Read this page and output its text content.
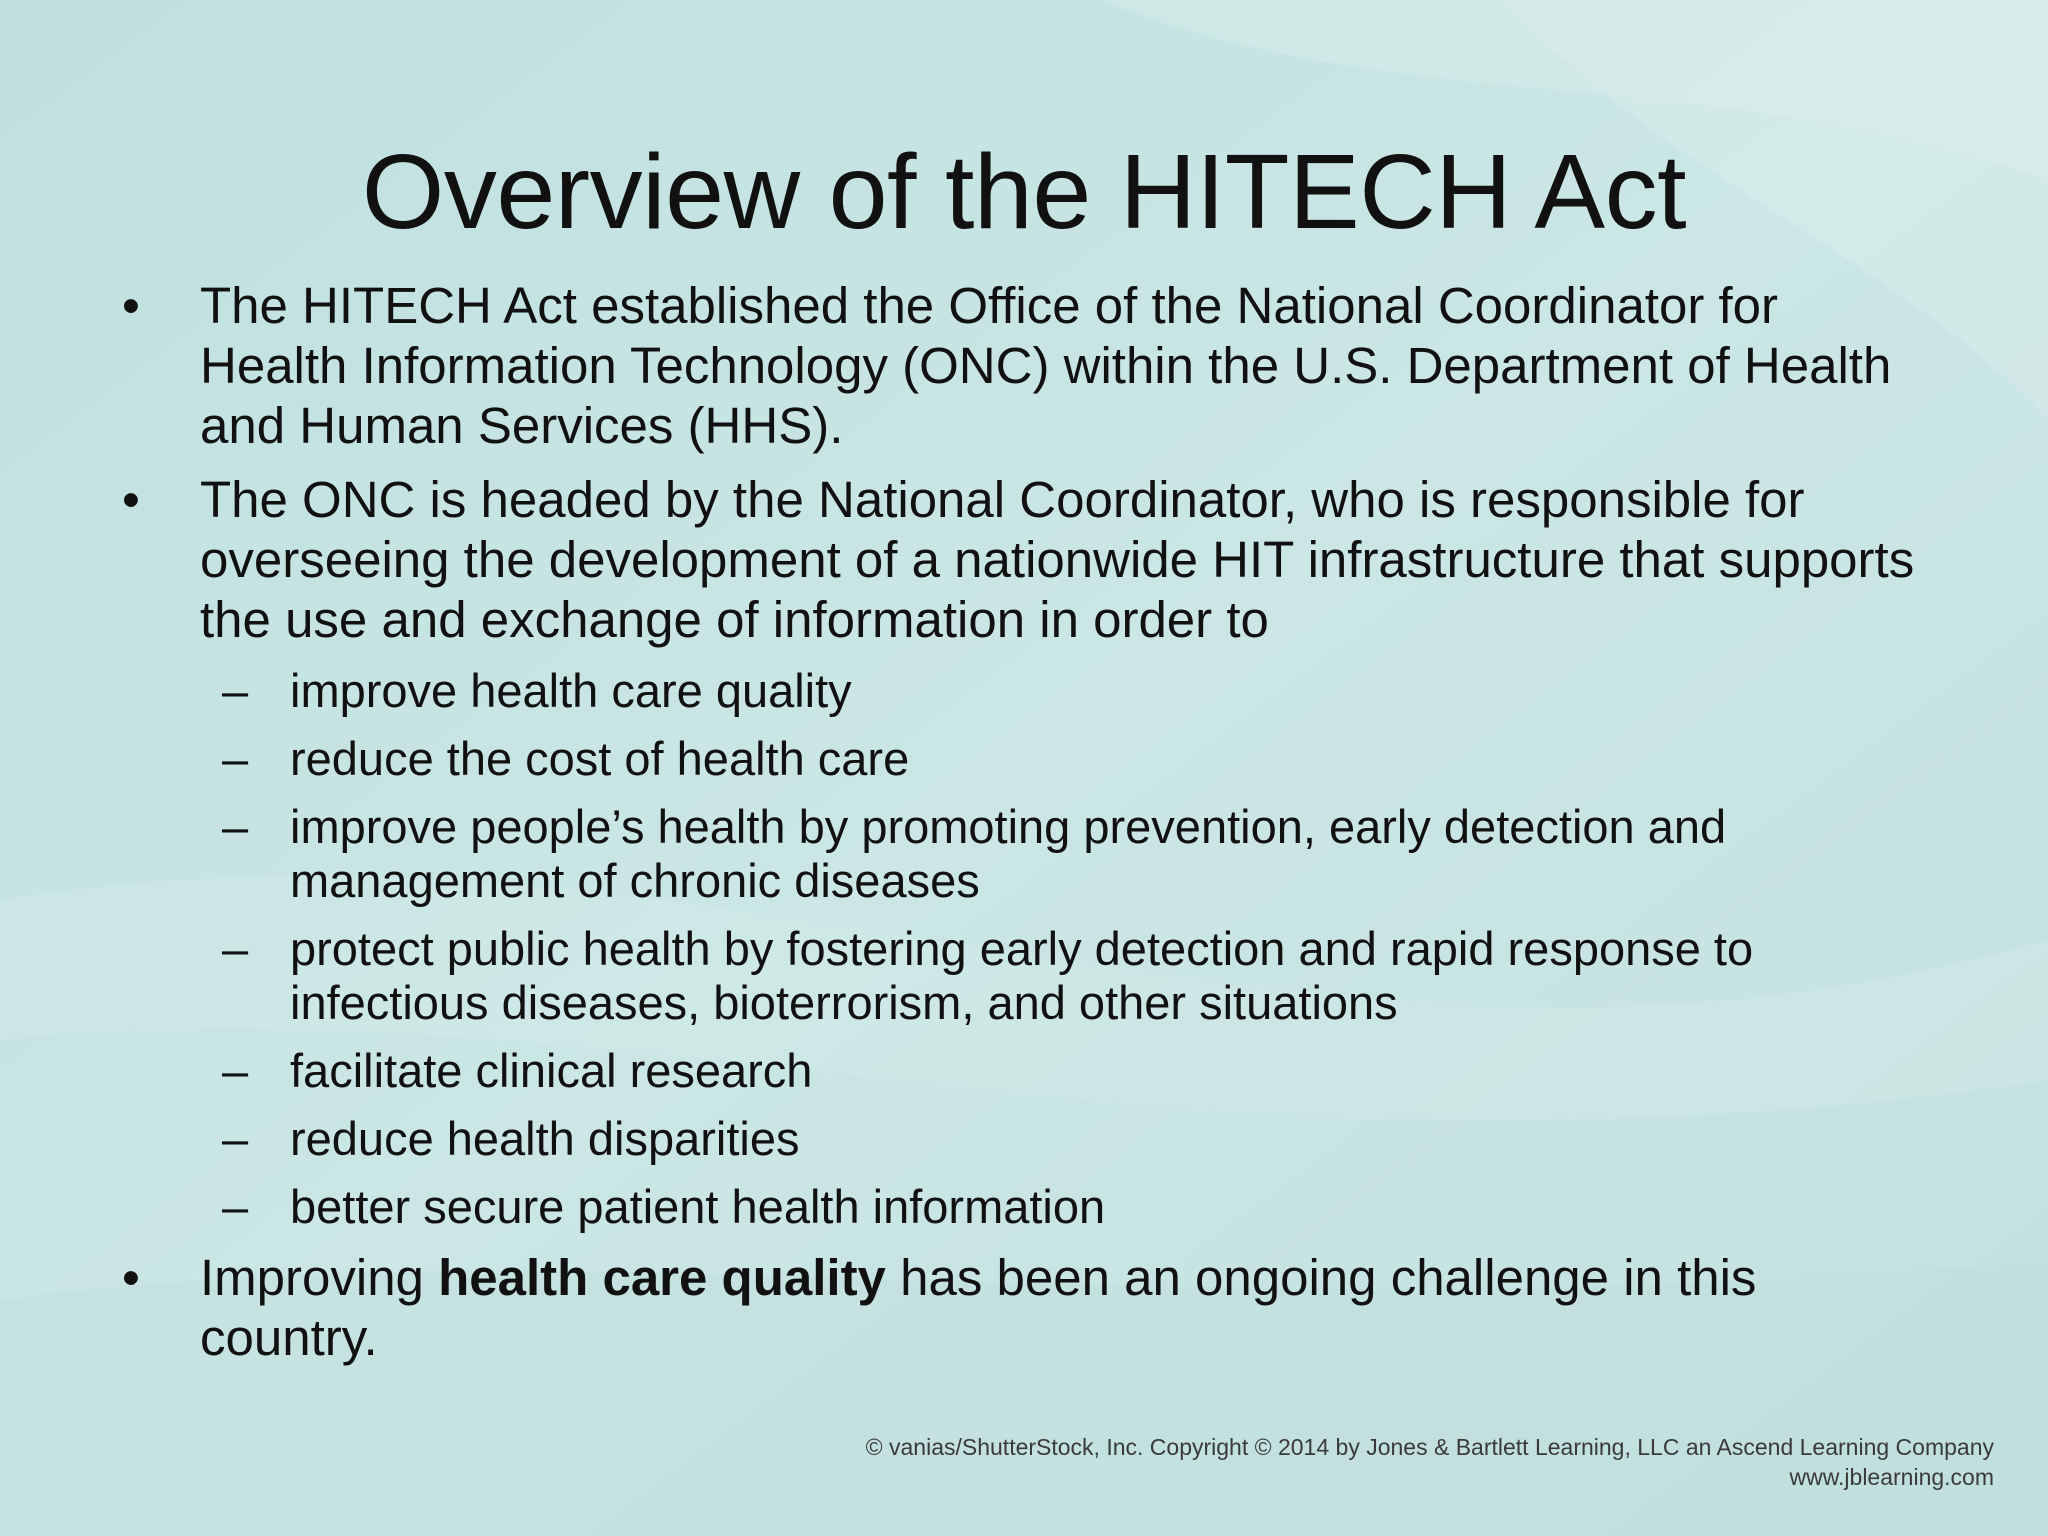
Overview of the HITECH Act
•	The HITECH Act established the Office of the National Coordinator for Health Information Technology (ONC) within the U.S. Department of Health and Human Services (HHS).
•	The ONC is headed by the National Coordinator, who is responsible for overseeing the development of a nationwide HIT infrastructure that supports the use and exchange of information in order to
– improve health care quality
– reduce the cost of health care
– improve people’s health by promoting prevention, early detection and management of chronic diseases
– protect public health by fostering early detection and rapid response to infectious diseases, bioterrorism, and other situations
– facilitate clinical research
– reduce health disparities
– better secure patient health information
•	Improving health care quality has been an ongoing challenge in this country.
© vanias/ShutterStock, Inc. Copyright © 2014 by Jones & Bartlett Learning, LLC an Ascend Learning Company
www.jblearning.com
